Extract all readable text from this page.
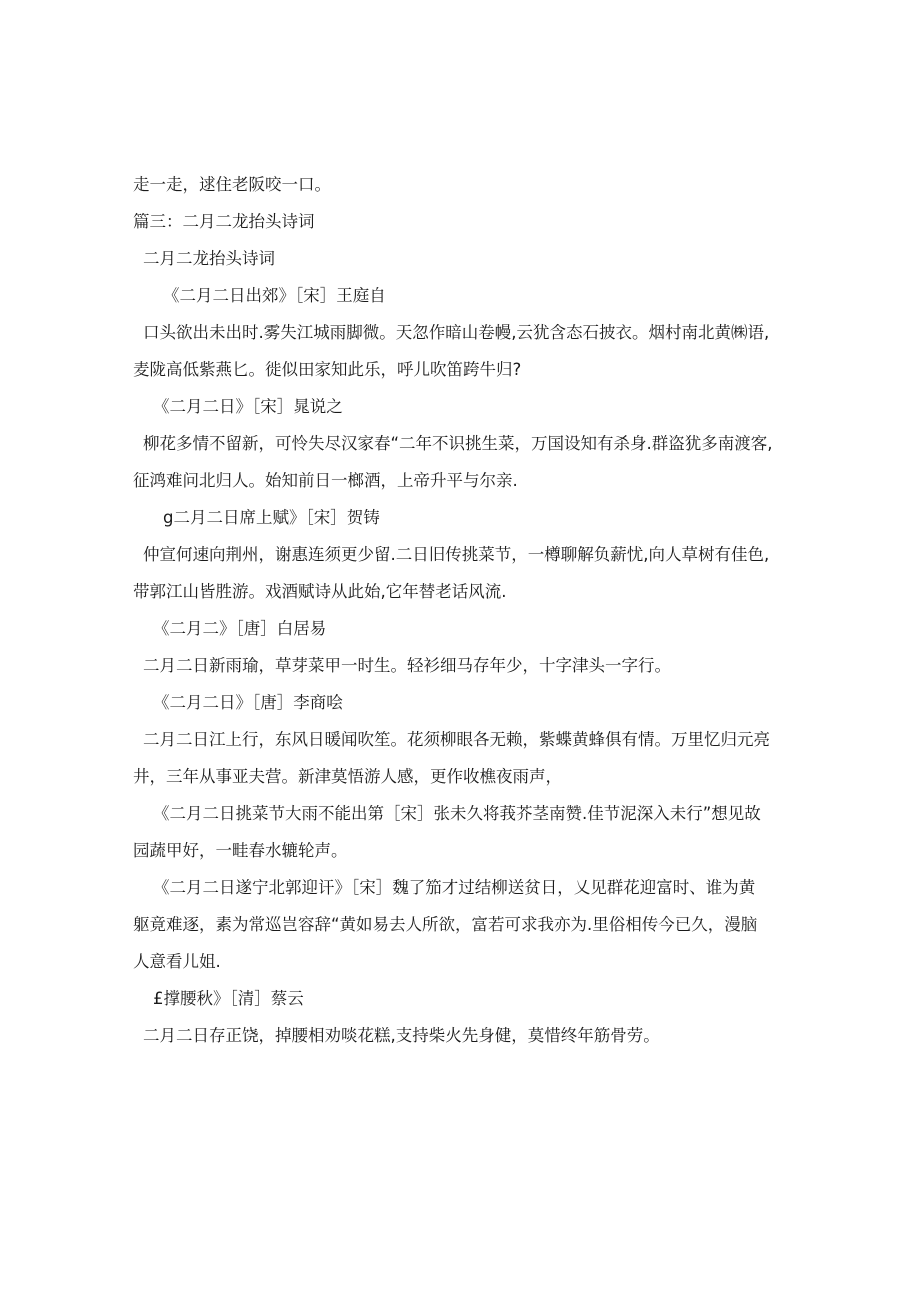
走一走，逑住老阪咬一口。

篇三：二月二龙抬头诗词

二月二龙抬头诗词

《二月二日出郊》［宋］王庭自

口头欲出未出时.雾失江城雨脚微。天忽作暗山卷幔,云犹含态石披衣。烟村南北黄㈱语,

麦陇高低紫燕匕。徙似田家知此乐，呼儿吹笛跨牛归?

《二月二日》［宋］晁说之

柳花多情不留新，可怜失尽汉家春“二年不识挑生菜，万国设知有杀身.群盗犹多南渡客,

征鸿难问北归人。始知前日一榔酒，上帝升平与尔亲.

g二月二日席上赋》［宋］贺铸

仲宣何速向荆州，谢惠连须更少留.二日旧传挑菜节，一樽聊解负薪忧,向人草树有佳色,

带郭江山皆胜游。戏酒赋诗从此始,它年替老话风流.

《二月二》［唐］白居易

二月二日新雨瑜，草芽菜甲一时生。轻衫细马存年少，十字津头一字行。

《二月二日》［唐］李商哙

二月二日江上行，东风日暖闻吹笙。花须柳眼各无赖，紫蝶黄蜂俱有情。万里忆归元亮

井，三年从事亚夫营。新津莫悟游人感，更作收樵夜雨声，

《二月二日挑菜节大雨不能出第［宋］张未久将莪芥茎南赞.佳节泥深入未行”想见故

园蔬甲好，一畦春水辘轮声。

《二月二日遂宁北郭迎讦》［宋］魏了笳才过结柳送贫日，乂见群花迎富时、谁为黄

躯竟难逐，素为常巡岂容辞“黄如易去人所欲，富若可求我亦为.里俗相传今已久，漫脑

人意看儿姐.

£撑腰秋》［清］蔡云

二月二日存正饶，掉腰相劝啖花糕,支持柴火先身健，莫惜终年筋骨劳。
